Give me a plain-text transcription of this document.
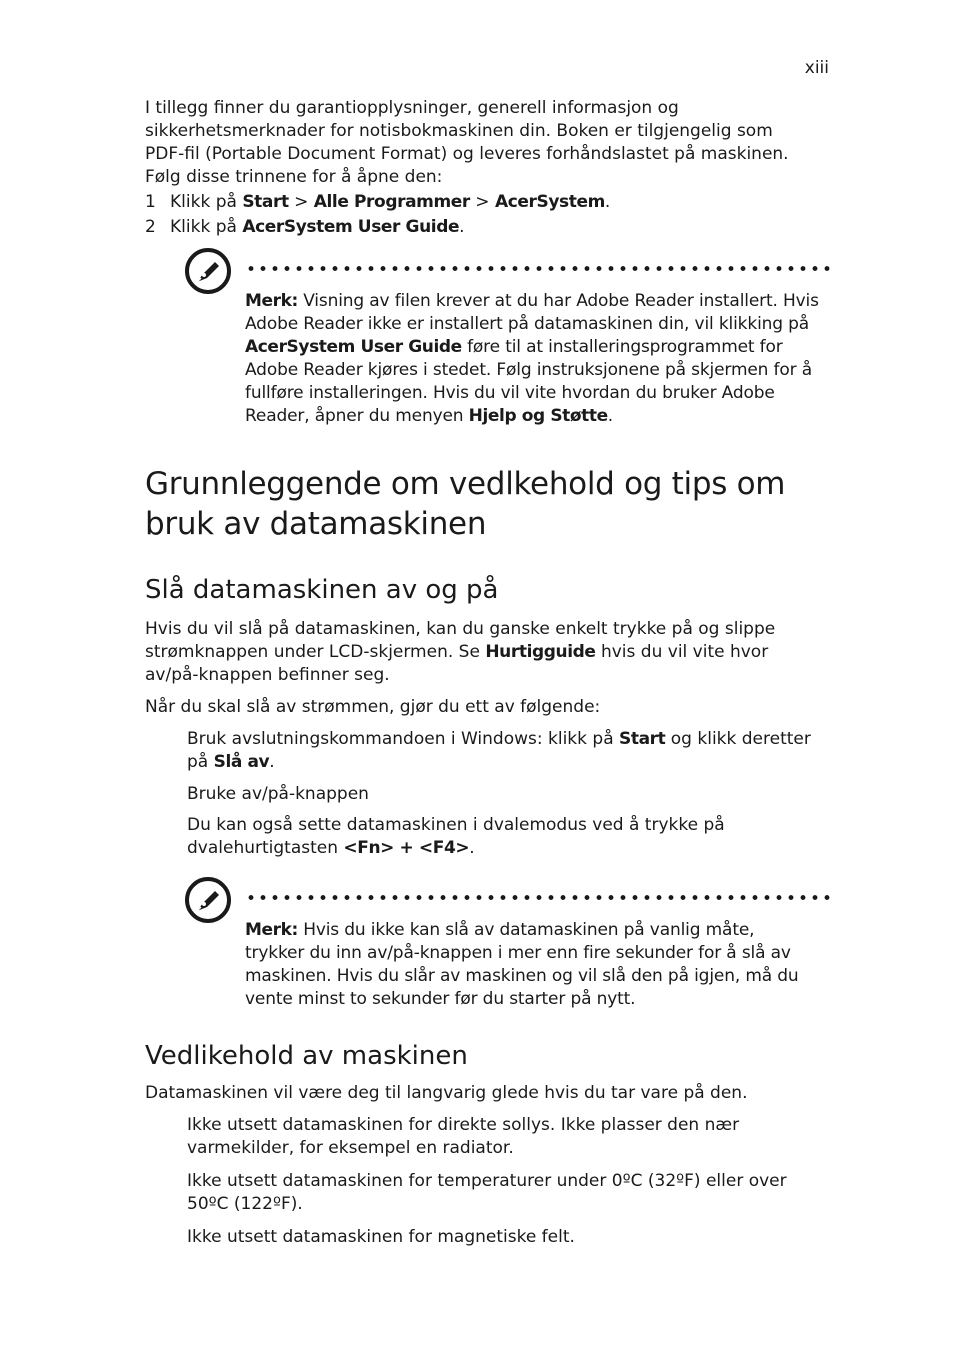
xiii

I tillegg finner du garantiopplysninger, generell informasjon og sikkerhetsmerknader for notisbokmaskinen din. Boken er tilgjengelig som PDF-fil (Portable Document Format) og leveres forhåndslastet på maskinen. Følg disse trinnene for å åpne den:

1 Klikk på Start > Alle Programmer > AcerSystem.
2 Klikk på AcerSystem User Guide.

Merk: Visning av filen krever at du har Adobe Reader installert. Hvis Adobe Reader ikke er installert på datamaskinen din, vil klikking på AcerSystem User Guide føre til at installeringsprogrammet for Adobe Reader kjøres i stedet. Følg instruksjonene på skjermen for å fullføre installeringen. Hvis du vil vite hvordan du bruker Adobe Reader, åpner du menyen Hjelp og Støtte.

Grunnleggende om vedlkehold og tips om bruk av datamaskinen
Slå datamaskinen av og på

Hvis du vil slå på datamaskinen, kan du ganske enkelt trykke på og slippe strømknappen under LCD-skjermen. Se Hurtigguide hvis du vil vite hvor av/på-knappen befinner seg.

Når du skal slå av strømmen, gjør du ett av følgende:

Bruk avslutningskommandoen i Windows: klikk på Start og klikk deretter på Slå av.

Bruke av/på-knappen

Du kan også sette datamaskinen i dvalemodus ved å trykke på dvalehurtigtasten <Fn> + <F4>.

Merk: Hvis du ikke kan slå av datamaskinen på vanlig måte, trykker du inn av/på-knappen i mer enn fire sekunder for å slå av maskinen. Hvis du slår av maskinen og vil slå den på igjen, må du vente minst to sekunder før du starter på nytt.

Vedlikehold av maskinen

Datamaskinen vil være deg til langvarig glede hvis du tar vare på den.

Ikke utsett datamaskinen for direkte sollys. Ikke plasser den nær varmekilder, for eksempel en radiator.

Ikke utsett datamaskinen for temperaturer under 0ºC (32ºF) eller over 50ºC (122ºF).

Ikke utsett datamaskinen for magnetiske felt.
